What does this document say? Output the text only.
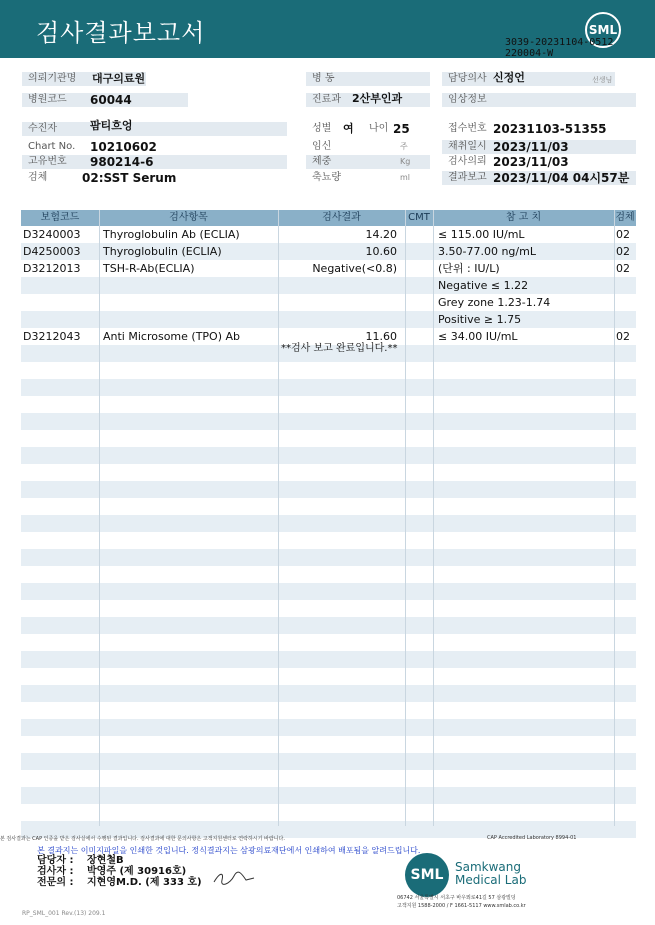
검사결과보고서	SML
3039-20231104-0512
220004-W
의뢰기관명	대구의료원
병원코드	60044
수진자	팜티흐엉
Chart No.	10210602
고유번호	980214-6
검체	02:SST Serum
병 동
진료과	2산부인과
성별	여	나이 25
임신	주
체중	Kg
축뇨량	ml
담당의사 신정언	선생님
임상정보
접수번호 20231103-51355
채취일시 2023/11/03
검사의뢰 2023/11/03
결과보고 2023/11/04 04시57분
보험코드	검사항목	검사결과	CMT	참 고 치	검체
D3240003 Thyroglobulin Ab (ECLIA)	14.20	≤ 115.00 IU/mL	02
D4250003 Thyroglobulin (ECLIA)	10.60	3.50-77.00 ng/mL	02
D3212013 TSH-R-Ab(ECLIA)	Negative(<0.8)	(단위 : IU/L)	02
Negative ≤ 1.22
Grey zone 1.23-1.74
Positive ≥ 1.75
D3212043 Anti Microsome (TPO) Ab	11.60	≤ 34.00 IU/mL	02
**검사 보고 완료입니다.**
본 검사결과는 CAP 인증을 받은 검사실에서 수행된 결과입니다. 검사결과에 대한 문의사항은 고객지원센터로 연락하시기 바랍니다.	CAP Accredited Laboratory 8994-01
본 결과지는 이미지파일을 인쇄한 것입니다. 정식결과지는 삼광의료재단에서 인쇄하여 배포됨을 알려드립니다.
담당자 : 장현철B
검사자 : 박영주 (제 30916호)
전문의 : 지현영M.D. (제 333 호)	SML Samkwang
Medical Lab
06742 서울특별시 서초구 바우뫼로41길 57 삼광빌딩
고객지원 1588-2000 / F 1661-5117 www.smlab.co.kr
RP_SML_001 Rev.(13) 209.1
